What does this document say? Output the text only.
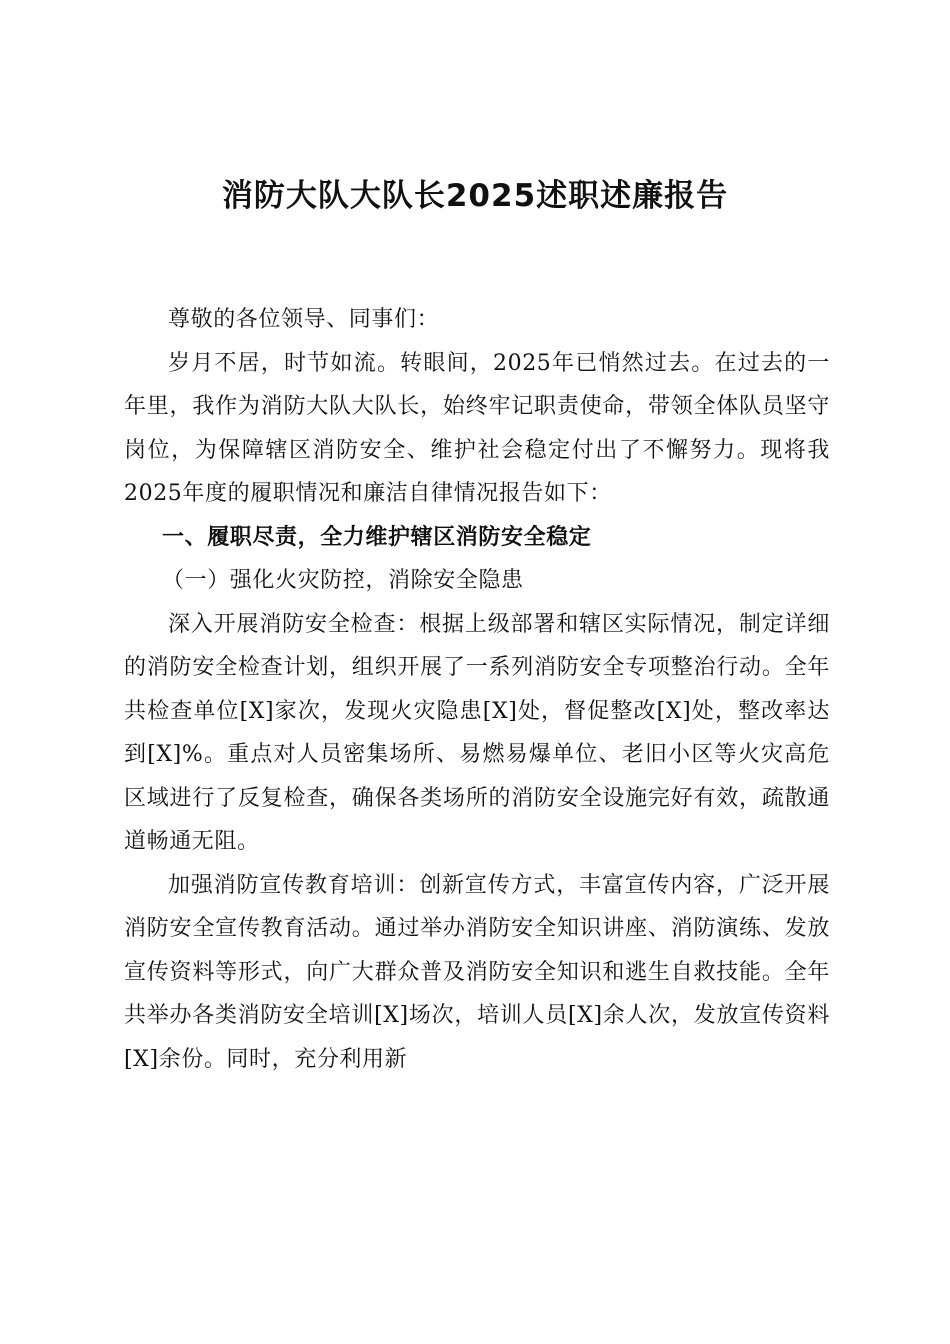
消防大队大队长2025述职述廉报告

尊敬的各位领导、同事们：

岁月不居，时节如流。转眼间，2025年已悄然过去。在过去的一年里，我作为消防大队大队长，始终牢记职责使命，带领全体队员坚守岗位，为保障辖区消防安全、维护社会稳定付出了不懈努力。现将我2025年度的履职情况和廉洁自律情况报告如下：

一、履职尽责，全力维护辖区消防安全稳定

（一）强化火灾防控，消除安全隐患

深入开展消防安全检查：根据上级部署和辖区实际情况，制定详细的消防安全检查计划，组织开展了一系列消防安全专项整治行动。全年共检查单位[X]家次，发现火灾隐患[X]处，督促整改[X]处，整改率达到[X]%。重点对人员密集场所、易燃易爆单位、老旧小区等火灾高危区域进行了反复检查，确保各类场所的消防安全设施完好有效，疏散通道畅通无阻。

加强消防宣传教育培训：创新宣传方式，丰富宣传内容，广泛开展消防安全宣传教育活动。通过举办消防安全知识讲座、消防演练、发放宣传资料等形式，向广大群众普及消防安全知识和逃生自救技能。全年共举办各类消防安全培训[X]场次，培训人员[X]余人次，发放宣传资料[X]余份。同时，充分利用新
